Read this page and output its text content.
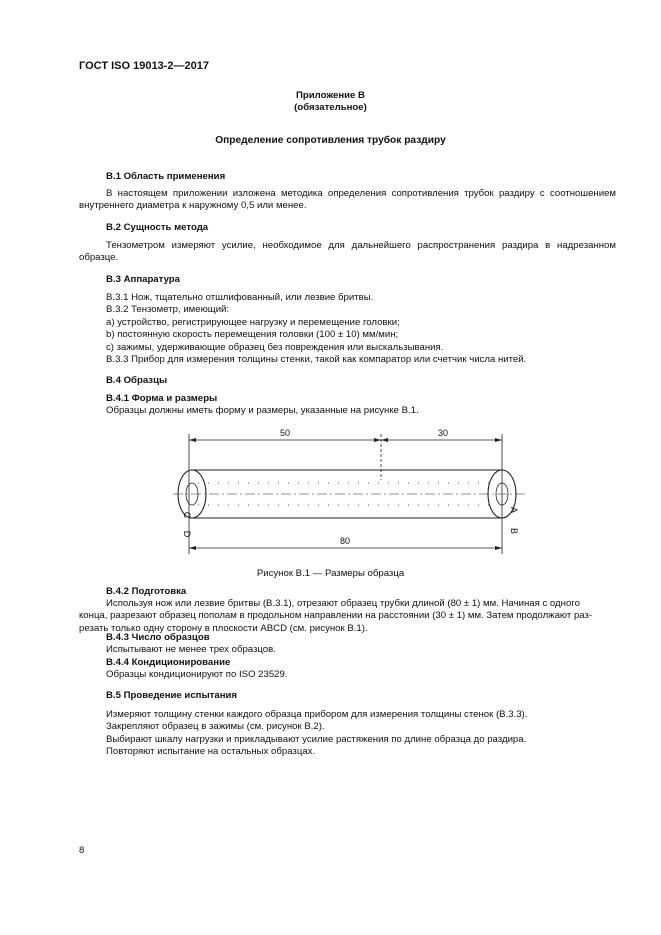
ГОСТ ISO 19013-2—2017
Приложение В
(обязательное)
Определение сопротивления трубок раздиру
В.1 Область применения
В настоящем приложении изложена методика определения сопротивления трубок раздиру с соотношением внутреннего диаметра к наружному 0,5 или менее.
В.2 Сущность метода
Тензометром измеряют усилие, необходимое для дальнейшего распространения раздира в надрезанном образце.
В.3 Аппаратура
В.3.1 Нож, тщательно отшлифованный, или лезвие бритвы.
В.3.2 Тензометр, имеющий:
а) устройство, регистрирующее нагрузку и перемещение головки;
b) постоянную скорость перемещения головки (100 ± 10) мм/мин;
с) зажимы, удерживающие образец без повреждения или выскальзывания.
В.3.3 Прибор для измерения толщины стенки, такой как компаратор или счетчик числа нитей.
В.4 Образцы
В.4.1 Форма и размеры
Образцы должны иметь форму и размеры, указанные на рисунке В.1.
50	30
80
C
D
A
B
Рисунок В.1 — Размеры образца
В.4.2 Подготовка
Используя нож или лезвие бритвы (В.3.1), отрезают образец трубки длиной (80 ± 1) мм. Начиная с одного
конца, разрезают образец пополам в продольном направлении на расстоянии (30 ± 1) мм. Затем продолжают раз-
резать только одну сторону в плоскости ABCD (см. рисунок В.1).
В.4.3 Число образцов
Испытывают не менее трех образцов.
В.4.4 Кондиционирование
Образцы кондиционируют по ISO 23529.
В.5 Проведение испытания
Измеряют толщину стенки каждого образца прибором для измерения толщины стенок (В.3.3).
Закрепляют образец в зажимы (см. рисунок В.2).
Выбирают шкалу нагрузки и прикладывают усилие растяжения по длине образца до раздира.
Повторяют испытание на остальных образцах.
8
